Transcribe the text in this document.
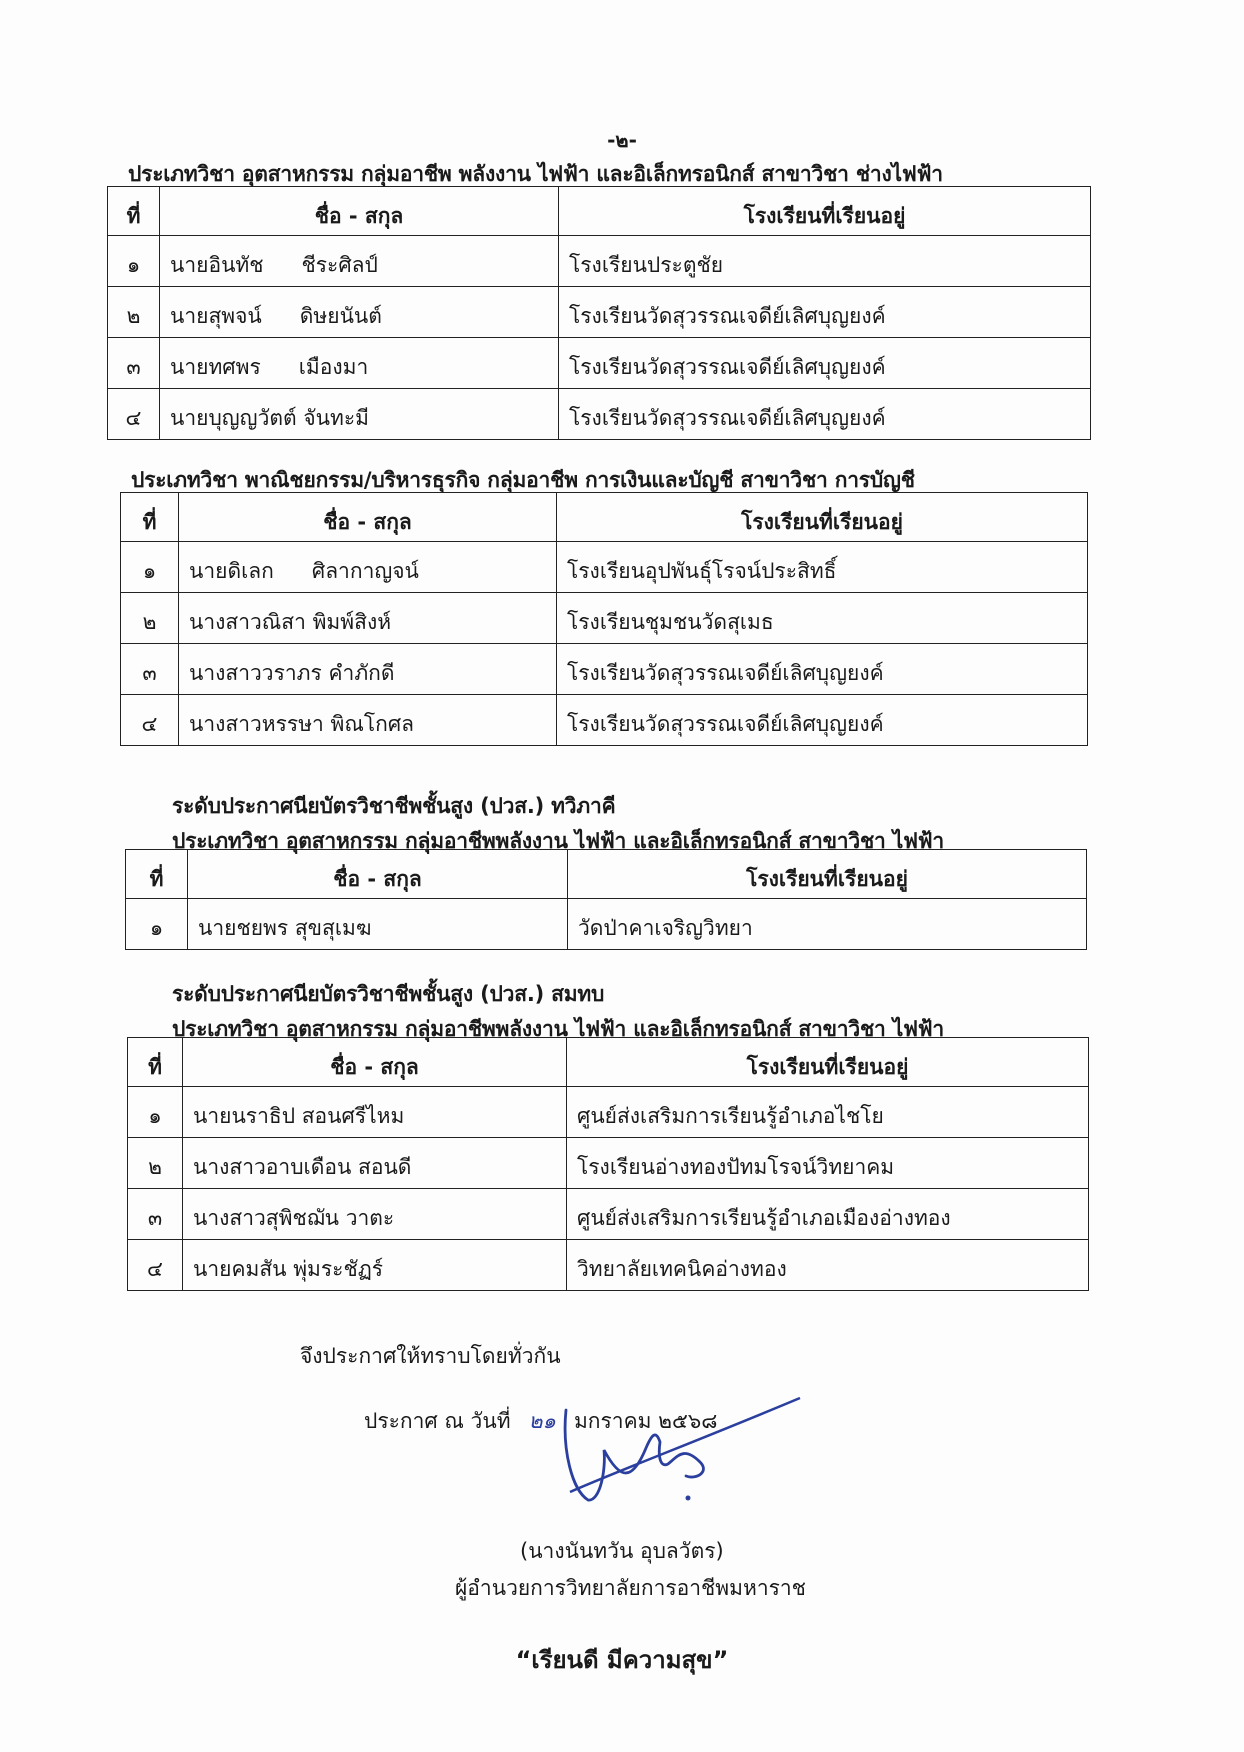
-๒-
ประเภทวิชา อุตสาหกรรม กลุ่มอาชีพ พลังงาน ไฟฟ้า และอิเล็กทรอนิกส์ สาขาวิชา ช่างไฟฟ้า
ที่	ชื่อ - สกุล	โรงเรียนที่เรียนอยู่
๑	นายอินทัช ชีระศิลป์	โรงเรียนประตูชัย
๒	นายสุพจน์ ดิษยนันต์	โรงเรียนวัดสุวรรณเจดีย์เลิศบุญยงค์
๓	นายทศพร เมืองมา	โรงเรียนวัดสุวรรณเจดีย์เลิศบุญยงค์
๔	นายบุญญวัตต์ จันทะมี	โรงเรียนวัดสุวรรณเจดีย์เลิศบุญยงค์
ประเภทวิชา พาณิชยกรรม/บริหารธุรกิจ กลุ่มอาชีพ การเงินและบัญชี สาขาวิชา การบัญชี
ที่	ชื่อ - สกุล	โรงเรียนที่เรียนอยู่
๑	นายดิเลก ศิลากาญจน์	โรงเรียนอุปพันธุ์โรจน์ประสิทธิ์
๒	นางสาวณิสา พิมพ์สิงห์	โรงเรียนชุมชนวัดสุเมธ
๓	นางสาววราภร คำภักดี	โรงเรียนวัดสุวรรณเจดีย์เลิศบุญยงค์
๔	นางสาวหรรษา พิณโกศล	โรงเรียนวัดสุวรรณเจดีย์เลิศบุญยงค์
ระดับประกาศนียบัตรวิชาชีพชั้นสูง (ปวส.) ทวิภาคี
ประเภทวิชา อุตสาหกรรม กลุ่มอาชีพพลังงาน ไฟฟ้า และอิเล็กทรอนิกส์ สาขาวิชา ไฟฟ้า
ที่	ชื่อ - สกุล	โรงเรียนที่เรียนอยู่
๑	นายชยพร สุขสุเมฆ	วัดป่าคาเจริญวิทยา
ระดับประกาศนียบัตรวิชาชีพชั้นสูง (ปวส.) สมทบ
ประเภทวิชา อุตสาหกรรม กลุ่มอาชีพพลังงาน ไฟฟ้า และอิเล็กทรอนิกส์ สาขาวิชา ไฟฟ้า
ที่	ชื่อ - สกุล	โรงเรียนที่เรียนอยู่
๑	นายนราธิป สอนศรีไหม	ศูนย์ส่งเสริมการเรียนรู้อำเภอไชโย
๒	นางสาวอาบเดือน สอนดี	โรงเรียนอ่างทองปัทมโรจน์วิทยาคม
๓	นางสาวสุพิชฌัน วาตะ	ศูนย์ส่งเสริมการเรียนรู้อำเภอเมืองอ่างทอง
๔	นายคมสัน พุ่มระชัฏร์	วิทยาลัยเทคนิคอ่างทอง
จึงประกาศให้ทราบโดยทั่วกัน
ประกาศ ณ วันที่ ๒๑ มกราคม ๒๕๖๘
(นางนันทวัน อุบลวัตร)
ผู้อำนวยการวิทยาลัยการอาชีพมหาราช
“เรียนดี มีความสุข”
